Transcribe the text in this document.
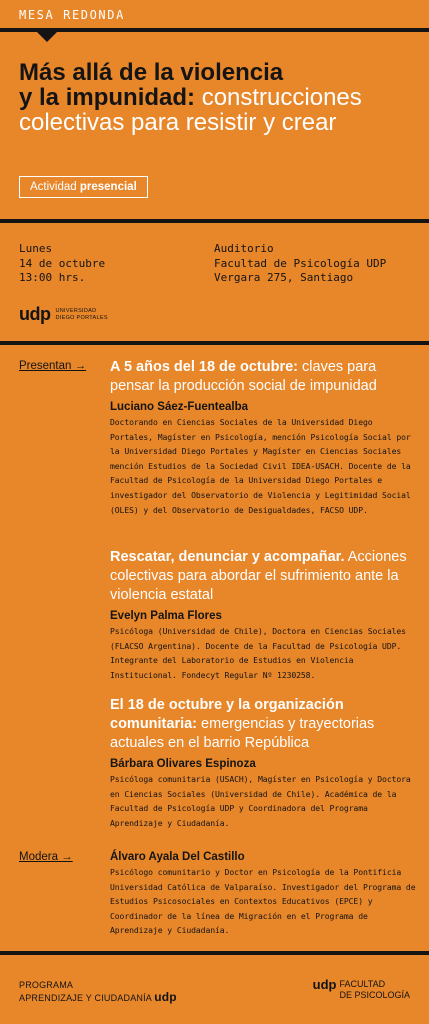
MESA REDONDA
Más allá de la violencia
y la impunidad: construcciones
colectivas para resistir y crear
Actividad presencial
Lunes
14 de octubre
13:00 hrs.
Auditorio
Facultad de Psicología UDP
Vergara 275, Santiago
udp UNIVERSIDAD
DIEGO PORTALES
Presentan → A 5 años del 18 de octubre: claves para pensar la producción social de impunidad
Luciano Sáez-Fuentealba
Doctorando en Ciencias Sociales de la Universidad Diego Portales, Magíster en Psicología, mención Psicología Social por la Universidad Diego Portales y Magíster en Ciencias Sociales mención Estudios de la Sociedad Civil IDEA-USACH. Docente de la Facultad de Psicología de la Universidad Diego Portales e investigador del Observatorio de Violencia y Legitimidad Social (OLES) y del Observatorio de Desigualdades, FACSO UDP.
Rescatar, denunciar y acompañar. Acciones colectivas para abordar el sufrimiento ante la violencia estatal
Evelyn Palma Flores
Psicóloga (Universidad de Chile), Doctora en Ciencias Sociales (FLACSO Argentina). Docente de la Facultad de Psicología UDP. Integrante del Laboratorio de Estudios en Violencia Institucional. Fondecyt Regular Nº 1230258.
El 18 de octubre y la organización comunitaria: emergencias y trayectorias actuales en el barrio República
Bárbara Olivares Espinoza
Psicóloga comunitaria (USACH), Magíster en Psicología y Doctora en Ciencias Sociales (Universidad de Chile). Académica de la Facultad de Psicología UDP y Coordinadora del Programa Aprendizaje y Ciudadanía.
Modera →	Álvaro Ayala Del Castillo
Psicólogo comunitario y Doctor en Psicología de la Pontificia Universidad Católica de Valparaíso. Investigador del Programa de Estudios Psicosociales en Contextos Educativos (EPCE) y Coordinador de la línea de Migración en el Programa de Aprendizaje y Ciudadanía.
PROGRAMA
APRENDIZAJE Y CIUDADANÍA udp
udp FACULTAD
DE PSICOLOGÍA
